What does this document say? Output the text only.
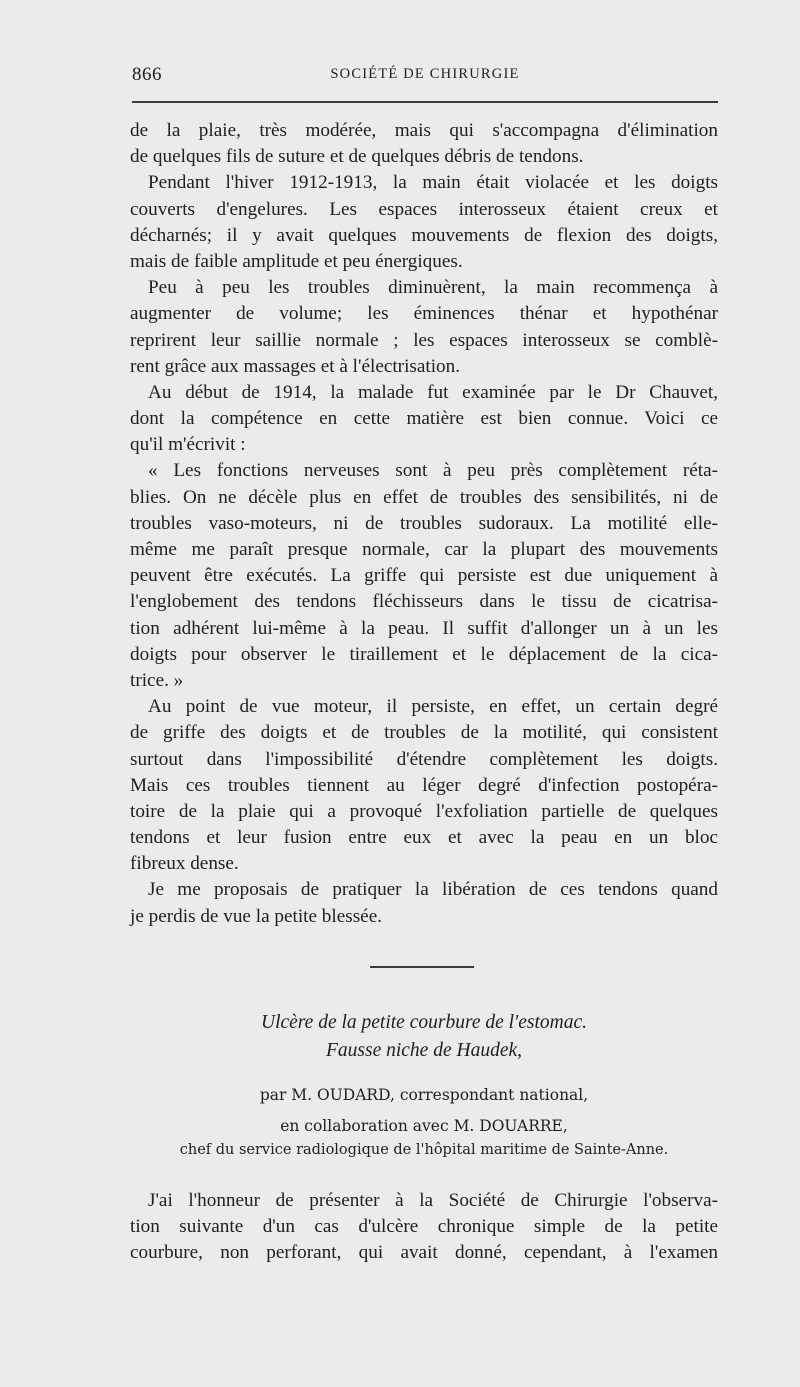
866	SOCIÉTÉ DE CHIRURGIE
de la plaie, très modérée, mais qui s'accompagna d'élimination
de quelques fils de suture et de quelques débris de tendons.
Pendant l'hiver 1912-1913, la main était violacée et les doigts
couverts d'engelures. Les espaces interosseux étaient creux et
décharnés; il y avait quelques mouvements de flexion des doigts,
mais de faible amplitude et peu énergiques.
Peu à peu les troubles diminuèrent, la main recommença à
augmenter de volume; les éminences thénar et hypothénar
reprirent leur saillie normale ; les espaces interosseux se comblè-
rent grâce aux massages et à l'électrisation.
Au début de 1914, la malade fut examinée par le Dr Chauvet,
dont la compétence en cette matière est bien connue. Voici ce
qu'il m'écrivit :
« Les fonctions nerveuses sont à peu près complètement réta-
blies. On ne décèle plus en effet de troubles des sensibilités, ni de
troubles vaso-moteurs, ni de troubles sudoraux. La motilité elle-
même me paraît presque normale, car la plupart des mouvements
peuvent être exécutés. La griffe qui persiste est due uniquement à
l'englobement des tendons fléchisseurs dans le tissu de cicatrisa-
tion adhérent lui-même à la peau. Il suffit d'allonger un à un les
doigts pour observer le tiraillement et le déplacement de la cica-
trice. »
Au point de vue moteur, il persiste, en effet, un certain degré
de griffe des doigts et de troubles de la motilité, qui consistent
surtout dans l'impossibilité d'étendre complètement les doigts.
Mais ces troubles tiennent au léger degré d'infection postopéra-
toire de la plaie qui a provoqué l'exfoliation partielle de quelques
tendons et leur fusion entre eux et avec la peau en un bloc
fibreux dense.
Je me proposais de pratiquer la libération de ces tendons quand
je perdis de vue la petite blessée.
Ulcère de la petite courbure de l'estomac.
Fausse niche de Haudek,
par M. OUDARD, correspondant national,
en collaboration avec M. DOUARRE,
chef du service radiologique de l'hôpital maritime de Sainte-Anne.
J'ai l'honneur de présenter à la Société de Chirurgie l'observa-
tion suivante d'un cas d'ulcère chronique simple de la petite
courbure, non perforant, qui avait donné, cependant, à l'examen
